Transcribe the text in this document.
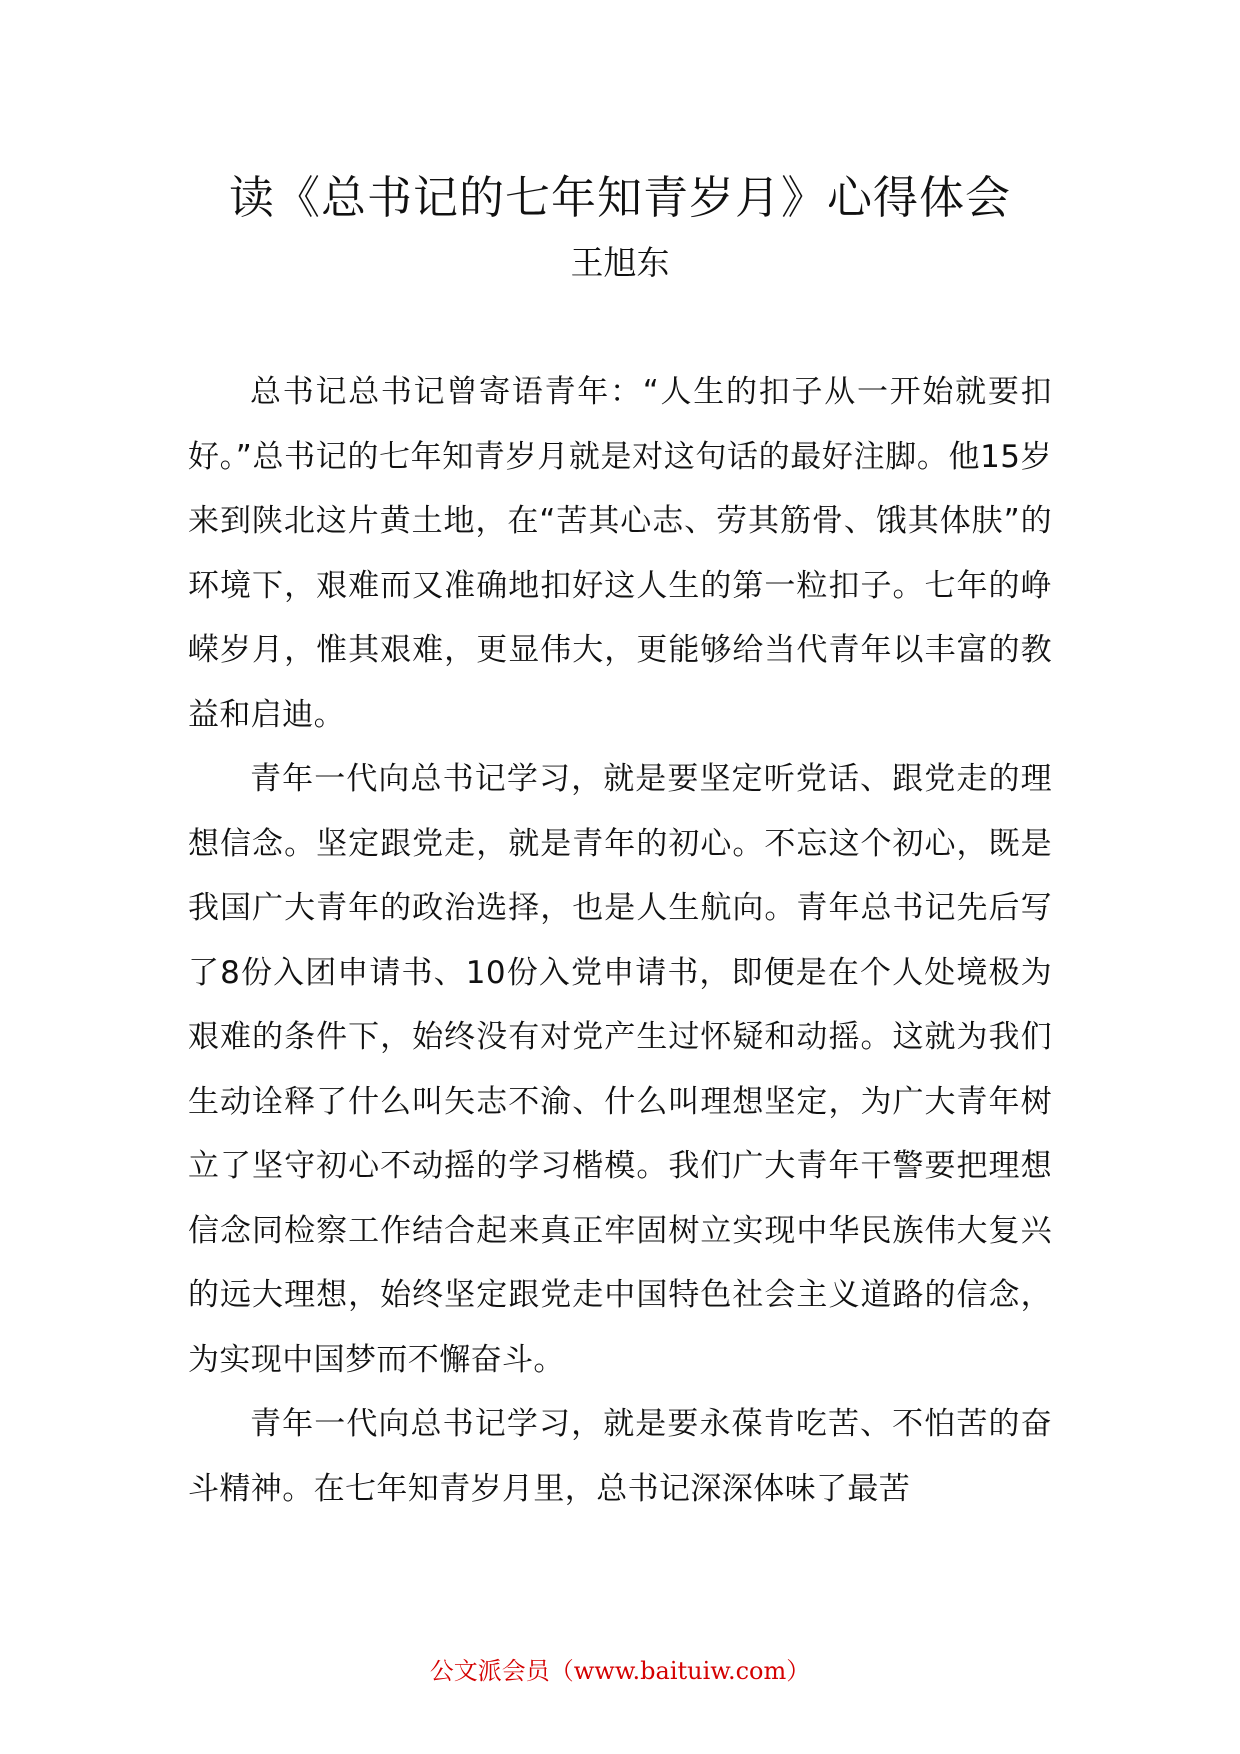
读《总书记的七年知青岁月》心得体会
王旭东

总书记总书记曾寄语青年：“人生的扣子从一开始就要扣好。”总书记的七年知青岁月就是对这句话的最好注脚。他15岁来到陕北这片黄土地，在“苦其心志、劳其筋骨、饿其体肤”的环境下，艰难而又准确地扣好这人生的第一粒扣子。七年的峥嵘岁月，惟其艰难，更显伟大，更能够给当代青年以丰富的教益和启迪。

青年一代向总书记学习，就是要坚定听党话、跟党走的理想信念。坚定跟党走，就是青年的初心。不忘这个初心，既是我国广大青年的政治选择，也是人生航向。青年总书记先后写了8份入团申请书、10份入党申请书，即便是在个人处境极为艰难的条件下，始终没有对党产生过怀疑和动摇。这就为我们生动诠释了什么叫矢志不渝、什么叫理想坚定，为广大青年树立了坚守初心不动摇的学习楷模。我们广大青年干警要把理想信念同检察工作结合起来真正牢固树立实现中华民族伟大复兴的远大理想，始终坚定跟党走中国特色社会主义道路的信念，为实现中国梦而不懈奋斗。

青年一代向总书记学习，就是要永葆肯吃苦、不怕苦的奋斗精神。在七年知青岁月里，总书记深深体味了最苦

公文派会员（www.baituiw.com）
